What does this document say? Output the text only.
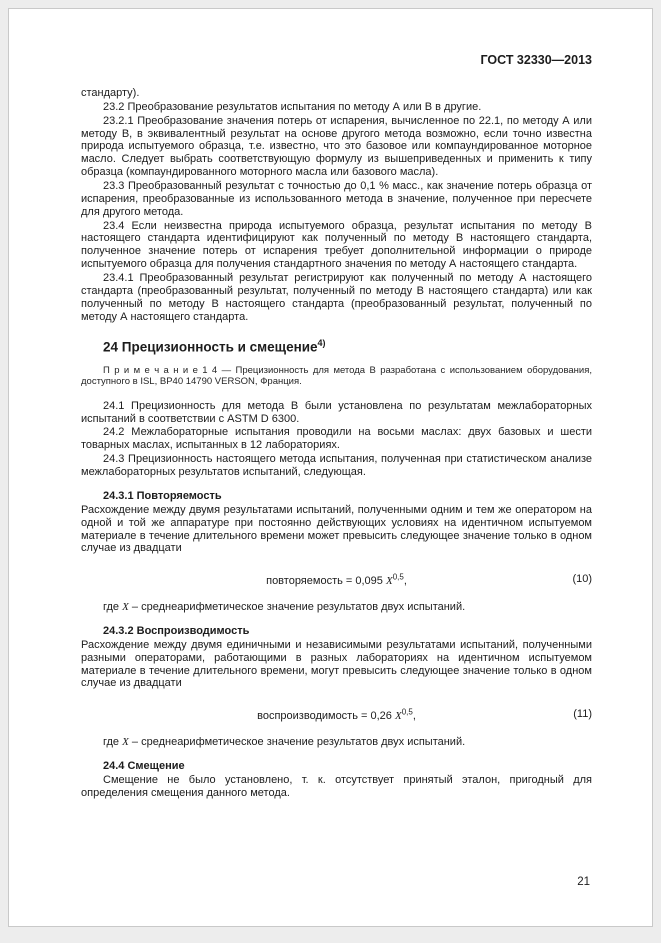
ГОСТ 32330—2013

стандарту).

23.2 Преобразование результатов испытания по методу А или В в другие.

23.2.1 Преобразование значения потерь от испарения, вычисленное по 22.1, по методу А или методу В, в эквивалентный результат на основе другого метода возможно, если точно известна природа испытуемого образца, т.е. известно, что это базовое или компаундированное моторное масло. Следует выбрать соответствующую формулу из вышеприведенных и применить к типу образца (компаундированного моторного масла или базового масла).

23.3 Преобразованный результат с точностью до 0,1 % масс., как значение потерь образца от испарения, преобразованные из использованного метода в значение, полученное при пересчете для другого метода.

23.4 Если неизвестна природа испытуемого образца, результат испытания по методу В настоящего стандарта идентифицируют как полученный по методу В настоящего стандарта, полученное значение потерь от испарения требует дополнительной информации о природе испытуемого образца для получения стандартного значения по методу А настоящего стандарта.

23.4.1 Преобразованный результат регистрируют как полученный по методу А настоящего стандарта (преобразованный результат, полученный по методу В настоящего стандарта) или как полученный по методу В настоящего стандарта (преобразованный результат, полученный по методу А настоящего стандарта.

24 Прецизионность и смещение$^{4)}$

П р и м е ч а н и е 1 4 — Прецизионность для метода В разработана с использованием оборудования, доступного в ISL, ВР40 14790 VERSON, Франция.

24.1 Прецизионность для метода В были установлена по результатам межлабораторных испытаний в соответствии с ASTM D 6300.

24.2 Межлабораторные испытания проводили на восьми маслах: двух базовых и шести товарных маслах, испытанных в 12 лабораториях.

24.3 Прецизионность настоящего метода испытания, полученная при статистическом анализе межлабораторных результатов испытаний, следующая.

24.3.1 Повторяемость

Расхождение между двумя результатами испытаний, полученными одним и тем же оператором на одной и той же аппаратуре при постоянно действующих условиях на идентичном испытуемом материале в течение длительного времени может превысить следующее значение только в одном случае из двадцати

повторяемость = 0,095 X$^{0,5}$,	(10)

где X – среднеарифметическое значение результатов двух испытаний.

24.3.2 Воспроизводимость

Расхождение между двумя единичными и независимыми результатами испытаний, полученными разными операторами, работающими в разных лабораториях на идентичном испытуемом материале в течение длительного времени, могут превысить следующее значение только в одном случае из двадцати

воспроизводимость = 0,26 X$^{0,5}$,	(11)

где X – среднеарифметическое значение результатов двух испытаний.

24.4 Смещение

Смещение не было установлено, т. к. отсутствует принятый эталон, пригодный для определения смещения данного метода.

21
